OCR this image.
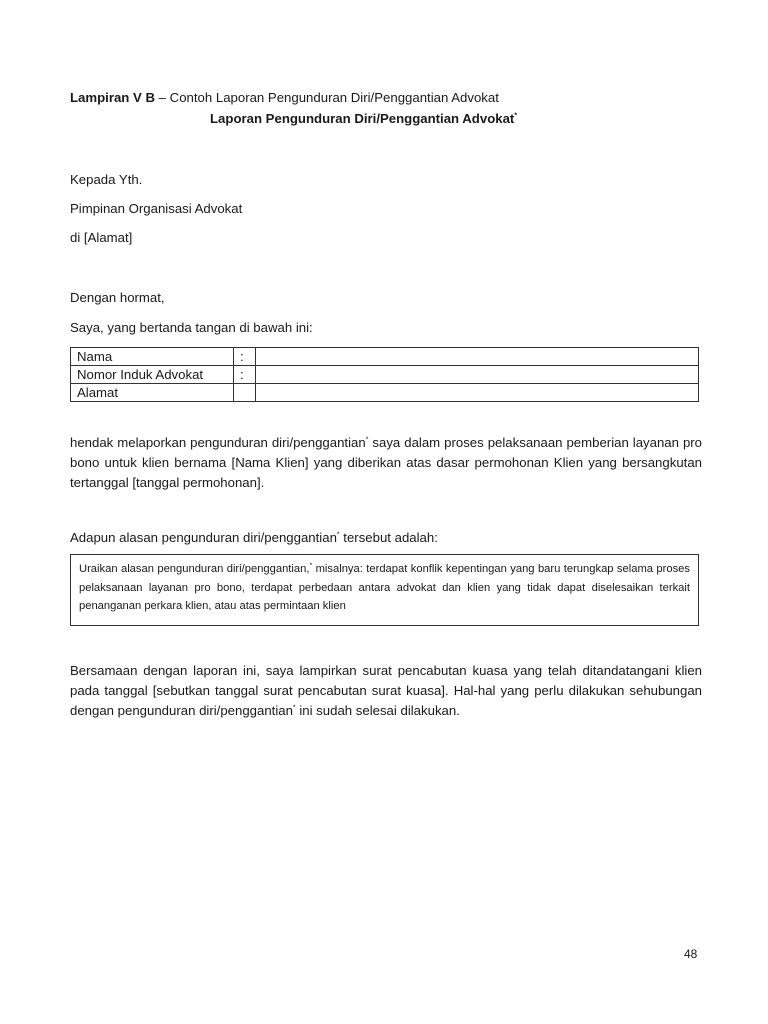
Lampiran V B – Contoh Laporan Pengunduran Diri/Penggantian Advokat
Laporan Pengunduran Diri/Penggantian Advokat*
Kepada Yth.
Pimpinan Organisasi Advokat
di [Alamat]
Dengan hormat,
Saya, yang bertanda tangan di bawah ini:
Nama	:	
Nomor Induk Advokat	:	
Alamat		
hendak melaporkan pengunduran diri/penggantian* saya dalam proses pelaksanaan pemberian layanan pro bono untuk klien bernama [Nama Klien] yang diberikan atas dasar permohonan Klien yang bersangkutan tertanggal [tanggal permohonan].
Adapun alasan pengunduran diri/penggantian* tersebut adalah:
Uraikan alasan pengunduran diri/penggantian,* misalnya: terdapat konflik kepentingan yang baru terungkap selama proses pelaksanaan layanan pro bono, terdapat perbedaan antara advokat dan klien yang tidak dapat diselesaikan terkait penanganan perkara klien, atau atas permintaan klien
Bersamaan dengan laporan ini, saya lampirkan surat pencabutan kuasa yang telah ditandatangani klien pada tanggal [sebutkan tanggal surat pencabutan surat kuasa]. Hal-hal yang perlu dilakukan sehubungan dengan pengunduran diri/penggantian* ini sudah selesai dilakukan.
48
